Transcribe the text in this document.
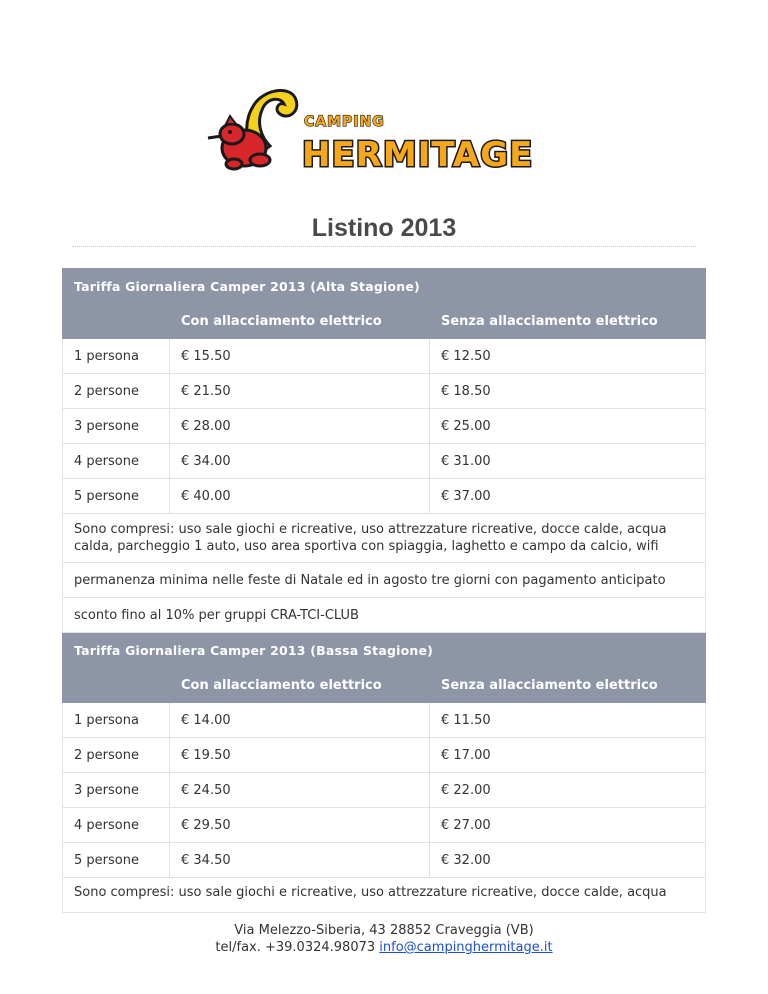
CAMPING
HERMITAGE
Listino 2013
Tariffa Giornaliera Camper 2013 (Alta Stagione)		
	Con allacciamento elettrico	Senza allacciamento elettrico
1 persona	€ 15.50	€ 12.50
2 persone	€ 21.50	€ 18.50
3 persone	€ 28.00	€ 25.00
4 persone	€ 34.00	€ 31.00
5 persone	€ 40.00	€ 37.00
Sono compresi: uso sale giochi e ricreative, uso attrezzature ricreative, docce calde, acqua calda, parcheggio 1 auto, uso area sportiva con spiaggia, laghetto e campo da calcio, wifi		
permanenza minima nelle feste di Natale ed in agosto tre giorni con pagamento anticipato		
sconto fino al 10% per gruppi CRA-TCI-CLUB		
Tariffa Giornaliera Camper 2013 (Bassa Stagione)		
	Con allacciamento elettrico	Senza allacciamento elettrico
1 persona	€ 14.00	€ 11.50
2 persone	€ 19.50	€ 17.00
3 persone	€ 24.50	€ 22.00
4 persone	€ 29.50	€ 27.00
5 persone	€ 34.50	€ 32.00
Sono compresi: uso sale giochi e ricreative, uso attrezzature ricreative, docce calde, acqua		
Via Melezzo-Siberia, 43 28852 Craveggia (VB)
tel/fax. +39.0324.98073 info@campinghermitage.it
